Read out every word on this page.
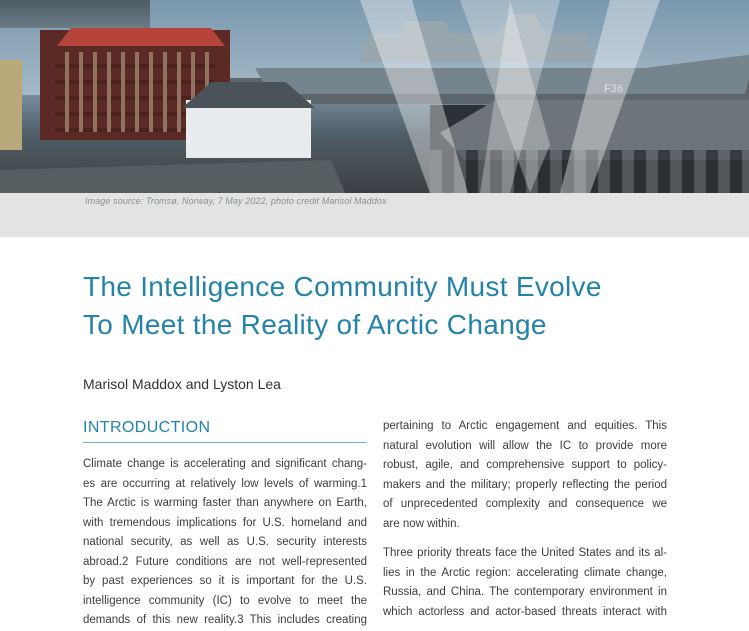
Image source: Tromsø, Norway, 7 May 2022, photo credit Marisol Maddox
The Intelligence Community Must Evolve
To Meet the Reality of Arctic Change
Marisol Maddox and Lyston Lea
INTRODUCTION
Climate change is accelerating and significant chang-
es are occurring at relatively low levels of warming.1
The Arctic is warming faster than anywhere on Earth,
with tremendous implications for U.S. homeland and
national security, as well as U.S. security interests
abroad.2 Future conditions are not well-represented
by past experiences so it is important for the U.S.
intelligence community (IC) to evolve to meet the
demands of this new reality.3 This includes creating
pertaining to Arctic engagement and equities. This
natural evolution will allow the IC to provide more
robust, agile, and comprehensive support to policy-
makers and the military; properly reflecting the period
of unprecedented complexity and consequence we
are now within.
Three priority threats face the United States and its al-
lies in the Arctic region: accelerating climate change,
Russia, and China. The contemporary environment in
which actorless and actor-based threats interact with
